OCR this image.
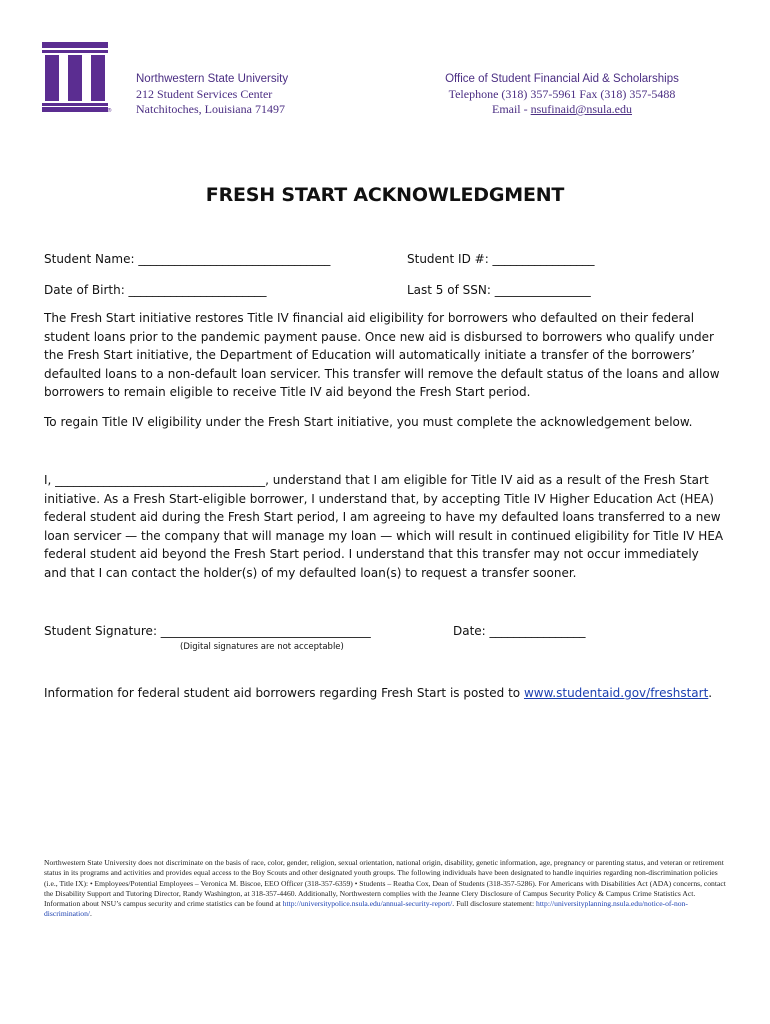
®
Northwestern State University
212 Student Services Center
Natchitoches, Louisiana 71497
Office of Student Financial Aid & Scholarships
Telephone (318) 357-5961 Fax (318) 357-5488
Email - nsufinaid@nsula.edu
FRESH START ACKNOWLEDGMENT
Student Name: ________________________________	Student ID #: _________________
Date of Birth: _______________________	Last 5 of SSN: ________________

The Fresh Start initiative restores Title IV financial aid eligibility for borrowers who defaulted on their federal student loans prior to the pandemic payment pause. Once new aid is disbursed to borrowers who qualify under the Fresh Start initiative, the Department of Education will automatically initiate a transfer of the borrowers’ defaulted loans to a non-default loan servicer. This transfer will remove the default status of the loans and allow borrowers to remain eligible to receive Title IV aid beyond the Fresh Start period.

To regain Title IV eligibility under the Fresh Start initiative, you must complete the acknowledgement below.

I, ___________________________________, understand that I am eligible for Title IV aid as a result of the Fresh Start initiative. As a Fresh Start-eligible borrower, I understand that, by accepting Title IV Higher Education Act (HEA) federal student aid during the Fresh Start period, I am agreeing to have my defaulted loans transferred to a new loan servicer — the company that will manage my loan — which will result in continued eligibility for Title IV HEA federal student aid beyond the Fresh Start period. I understand that this transfer may not occur immediately and that I can contact the holder(s) of my defaulted loan(s) to request a transfer sooner.

Student Signature: ___________________________________	Date: ________________
(Digital signatures are not acceptable)

Information for federal student aid borrowers regarding Fresh Start is posted to www.studentaid.gov/freshstart.

Northwestern State University does not discriminate on the basis of race, color, gender, religion, sexual orientation, national origin, disability, genetic information, age, pregnancy or parenting status, and veteran or retirement status in its programs and activities and provides equal access to the Boy Scouts and other designated youth groups. The following individuals have been designated to handle inquiries regarding non-discrimination policies (i.e., Title IX): • Employees/Potential Employees – Veronica M. Biscoe, EEO Officer (318-357-6359) • Students – Reatha Cox, Dean of Students (318-357-5286). For Americans with Disabilities Act (ADA) concerns, contact the Disability Support and Tutoring Director, Randy Washington, at 318-357-4460. Additionally, Northwestern complies with the Jeanne Clery Disclosure of Campus Security Policy & Campus Crime Statistics Act. Information about NSU’s campus security and crime statistics can be found at http://universitypolice.nsula.edu/annual-security-report/. Full disclosure statement: http://universityplanning.nsula.edu/notice-of-non-discrimination/.
